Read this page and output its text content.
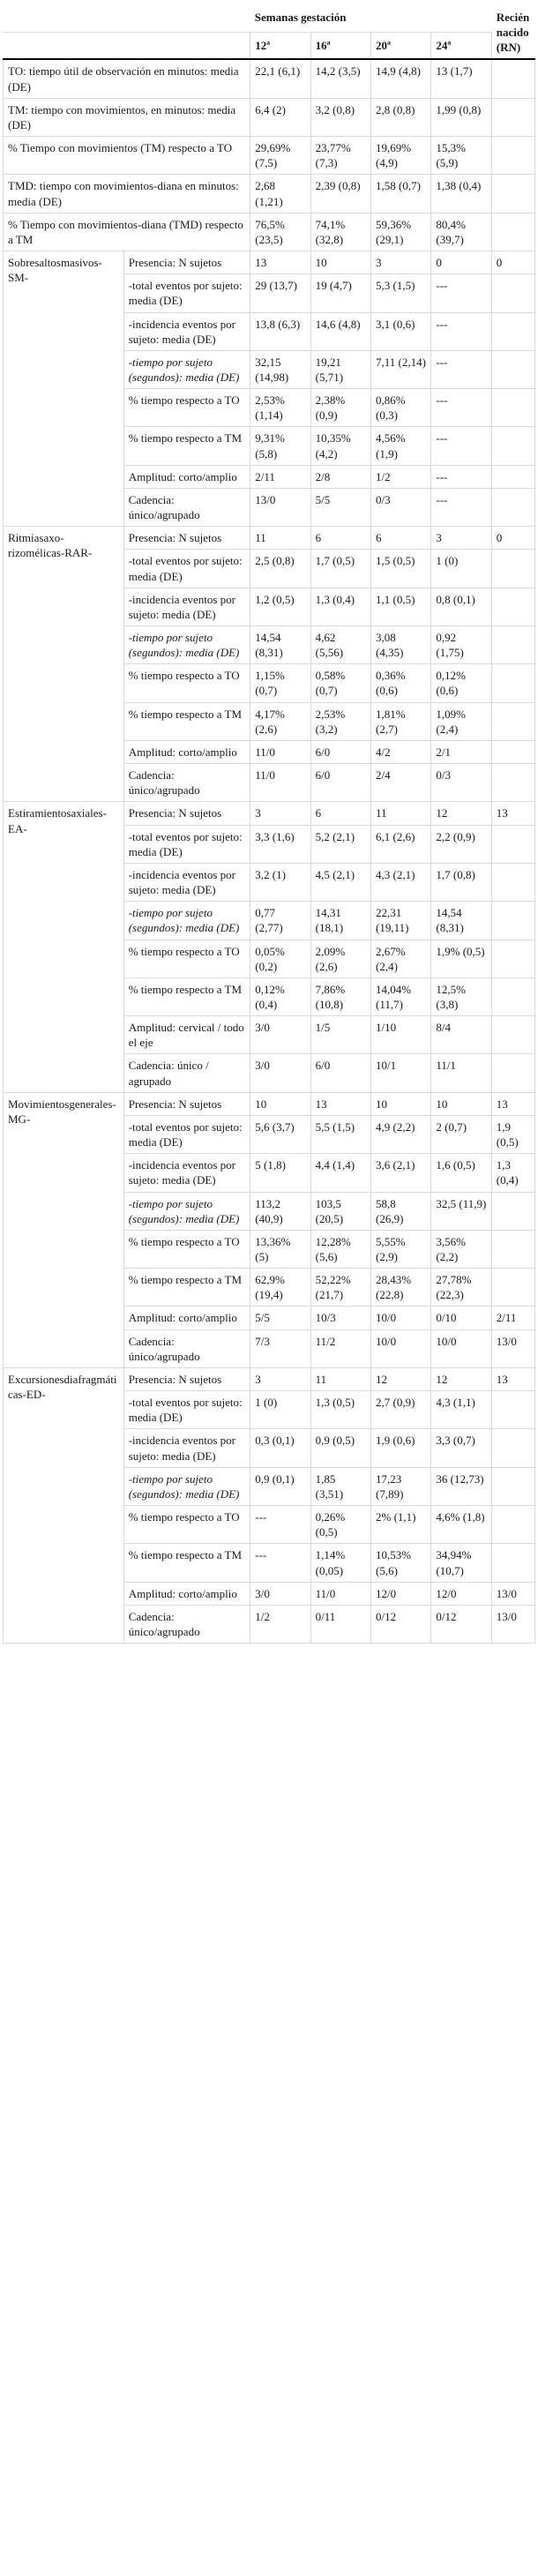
		Semanas gestación				Recién nacido (RN)
		12ª	16ª	20ª	24ª	
TO: tiempo útil de observación en minutos: media (DE)		22,1 (6,1)	14,2 (3,5)	14,9 (4,8)	13 (1,7)	
TM: tiempo con movimientos, en minutos: media (DE)		6,4 (2)	3,2 (0,8)	2,8 (0,8)	1,99 (0,8)	
% Tiempo con movimientos (TM) respecto a TO		29,69% (7,5)	23,77% (7,3)	19,69% (4,9)	15,3% (5,9)	
TMD: tiempo con movimientos-diana en minutos: media (DE)		2,68 (1,21)	2,39 (0,8)	1,58 (0,7)	1,38 (0,4)	
% Tiempo con movimientos-diana (TMD) respecto a TM		76,5% (23,5)	74,1% (32,8)	59,36% (29,1)	80,4% (39,7)	
Sobresaltosmasivos-SM-	Presencia: N sujetos	13	10	3	0	0
	-total eventos por sujeto: media (DE)	29 (13,7)	19 (4,7)	5,3 (1,5)	---	
	-incidencia eventos por sujeto: media (DE)	13,8 (6,3)	14,6 (4,8)	3,1 (0,6)	---	
	-tiempo por sujeto (segundos): media (DE)	32,15 (14,98)	19,21 (5,71)	7,11 (2,14)	---	
	% tiempo respecto a TO	2,53% (1,14)	2,38% (0,9)	0,86% (0,3)	---	
	% tiempo respecto a TM	9,31% (5,8)	10,35% (4,2)	4,56% (1,9)	---	
	Amplitud: corto/amplio	2/11	2/8	1/2	---	
	Cadencia: único/agrupado	13/0	5/5	0/3	---	
Ritmiasaxo-rizomélicas-RAR-	Presencia: N sujetos	11	6	6	3	0
	-total eventos por sujeto: media (DE)	2,5 (0,8)	1,7 (0,5)	1,5 (0,5)	1 (0)	
	-incidencia eventos por sujeto: media (DE)	1,2 (0,5)	1,3 (0,4)	1,1 (0,5)	0,8 (0,1)	
	-tiempo por sujeto (segundos): media (DE)	14,54 (8,31)	4,62 (5,56)	3,08 (4,35)	0,92 (1,75)	
	% tiempo respecto a TO	1,15% (0,7)	0,58% (0,7)	0,36% (0,6)	0,12% (0,6)	
	% tiempo respecto a TM	4,17% (2,6)	2,53% (3,2)	1,81% (2,7)	1,09% (2,4)	
	Amplitud: corto/amplio	11/0	6/0	4/2	2/1	
	Cadencia: único/agrupado	11/0	6/0	2/4	0/3	
Estiramientosaxiales-EA-	Presencia: N sujetos	3	6	11	12	13
	-total eventos por sujeto: media (DE)	3,3 (1,6)	5,2 (2,1)	6,1 (2,6)	2,2 (0,9)	
	-incidencia eventos por sujeto: media (DE)	3,2 (1)	4,5 (2,1)	4,3 (2,1)	1,7 (0,8)	
	-tiempo por sujeto (segundos): media (DE)	0,77 (2,77)	14,31 (18,1)	22,31 (19,11)	14,54 (8,31)	
	% tiempo respecto a TO	0,05% (0,2)	2,09% (2,6)	2,67% (2,4)	1,9% (0,5)	
	% tiempo respecto a TM	0,12% (0,4)	7,86% (10,8)	14,04% (11,7)	12,5% (3,8)	
	Amplitud: cervical / todo el eje	3/0	1/5	1/10	8/4	
	Cadencia: único / agrupado	3/0	6/0	10/1	11/1	
Movimientosgenerales-MG-	Presencia: N sujetos	10	13	10	10	13
	-total eventos por sujeto: media (DE)	5,6 (3,7)	5,5 (1,5)	4,9 (2,2)	2 (0,7)	1,9 (0,5)
	-incidencia eventos por sujeto: media (DE)	5 (1,8)	4,4 (1,4)	3,6 (2,1)	1,6 (0,5)	1,3 (0,4)
	-tiempo por sujeto (segundos): media (DE)	113,2 (40,9)	103,5 (20,5)	58,8 (26,9)	32,5 (11,9)	
	% tiempo respecto a TO	13,36% (5)	12,28% (5,6)	5,55% (2,9)	3,56% (2,2)	
	% tiempo respecto a TM	62,9% (19,4)	52,22% (21,7)	28,43% (22,8)	27,78% (22,3)	
	Amplitud: corto/amplio	5/5	10/3	10/0	0/10	2/11
	Cadencia: único/agrupado	7/3	11/2	10/0	10/0	13/0
Excursionesdiafragmáticas-ED-	Presencia: N sujetos	3	11	12	12	13
	-total eventos por sujeto: media (DE)	1 (0)	1,3 (0,5)	2,7 (0,9)	4,3 (1,1)	
	-incidencia eventos por sujeto: media (DE)	0,3 (0,1)	0,9 (0,5)	1,9 (0,6)	3,3 (0,7)	
	-tiempo por sujeto (segundos): media (DE)	0,9 (0,1)	1,85 (3,51)	17,23 (7,89)	36 (12,73)	
	% tiempo respecto a TO	---	0,26% (0,5)	2% (1,1)	4,6% (1,8)	
	% tiempo respecto a TM	---	1,14% (0,05)	10,53% (5,6)	34,94% (10,7)	
	Amplitud: corto/amplio	3/0	11/0	12/0	12/0	13/0
	Cadencia: único/agrupado	1/2	0/11	0/12	0/12	13/0
